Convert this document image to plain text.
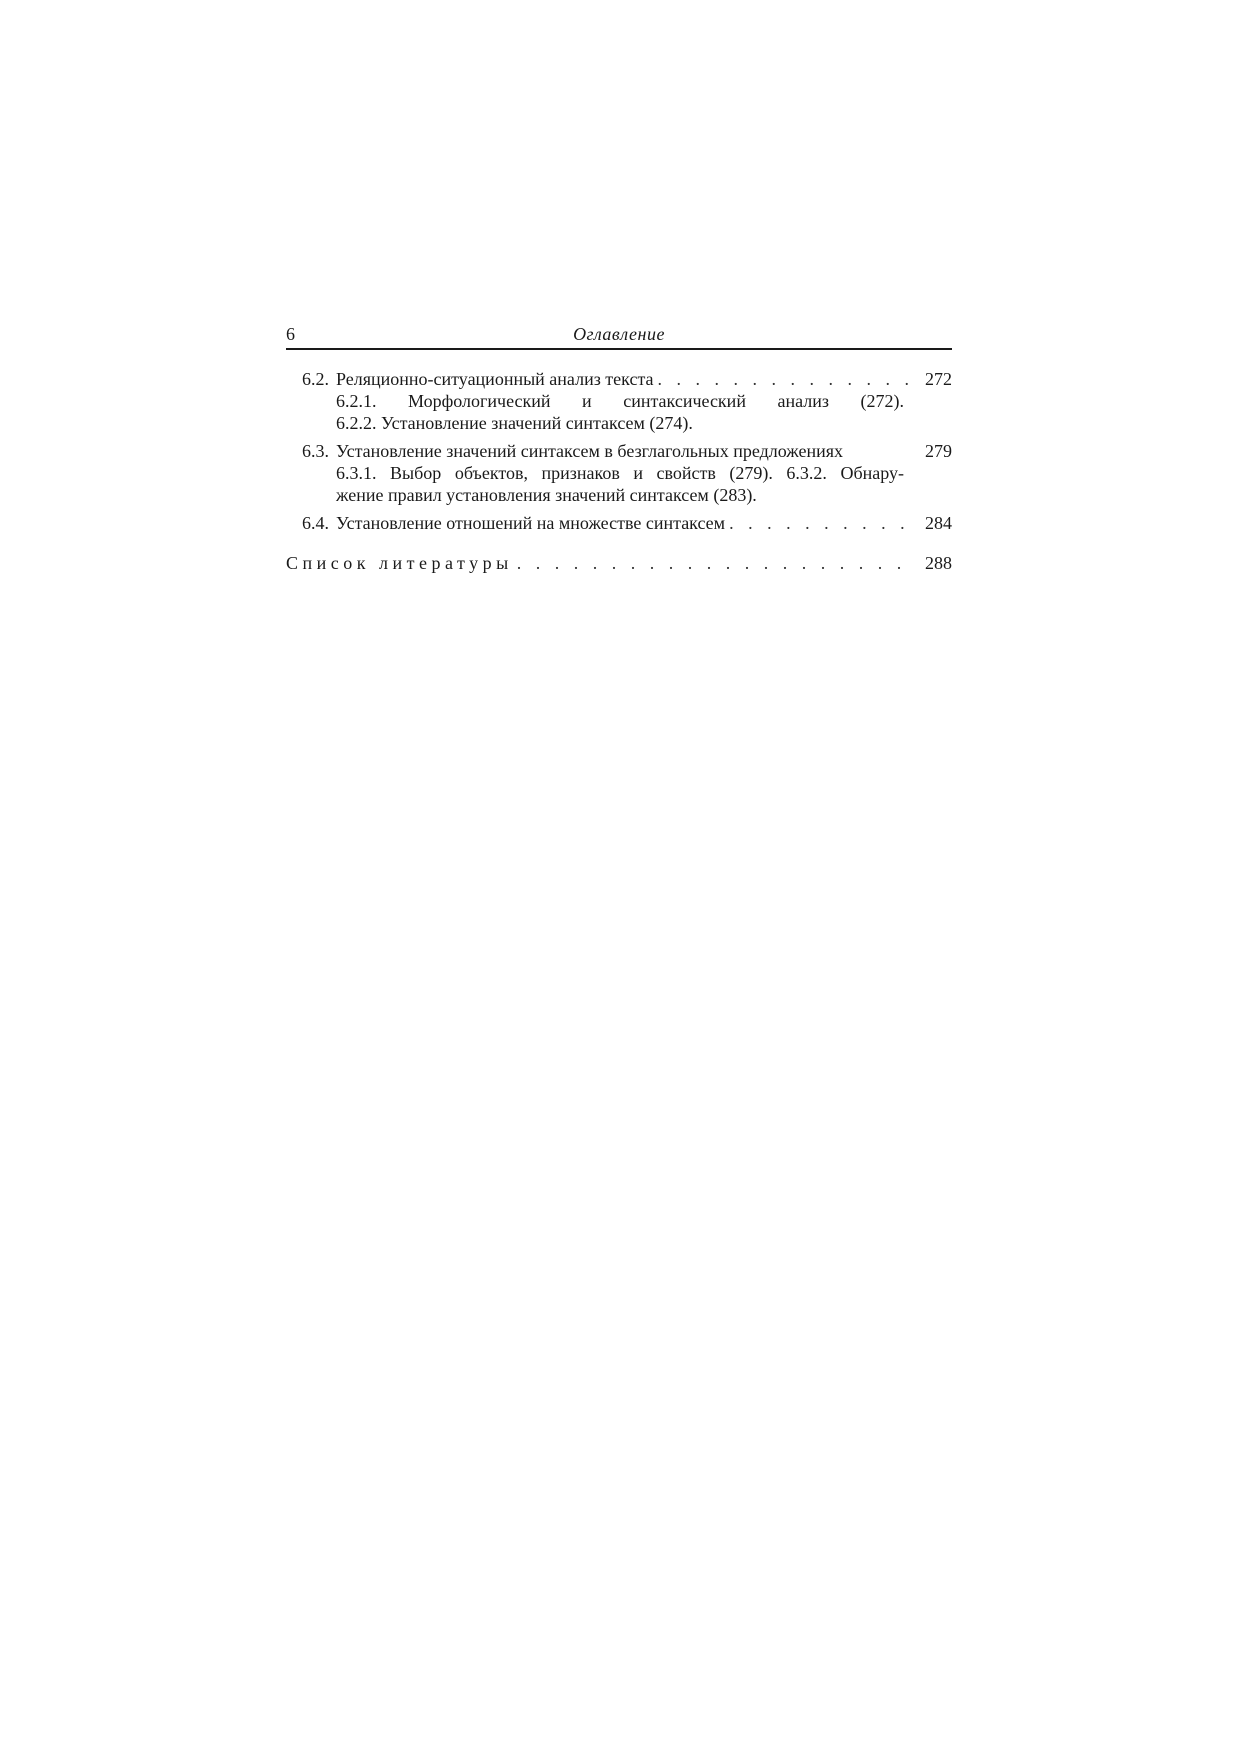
6	Оглавление
6.2. Реляционно-ситуационный анализ текста . . .	272
6.2.1. Морфологический и синтаксический анализ (272).
6.2.2. Установление значений синтаксем (274).
6.3. Установление значений синтаксем в безглагольных предложениях	279
6.3.1. Выбор объектов, признаков и свойств (279). 6.3.2. Обнару-
жение правил установления значений синтаксем (283).
6.4. Установление отношений на множестве синтаксем . . .	284
Список литературы . . .	288
